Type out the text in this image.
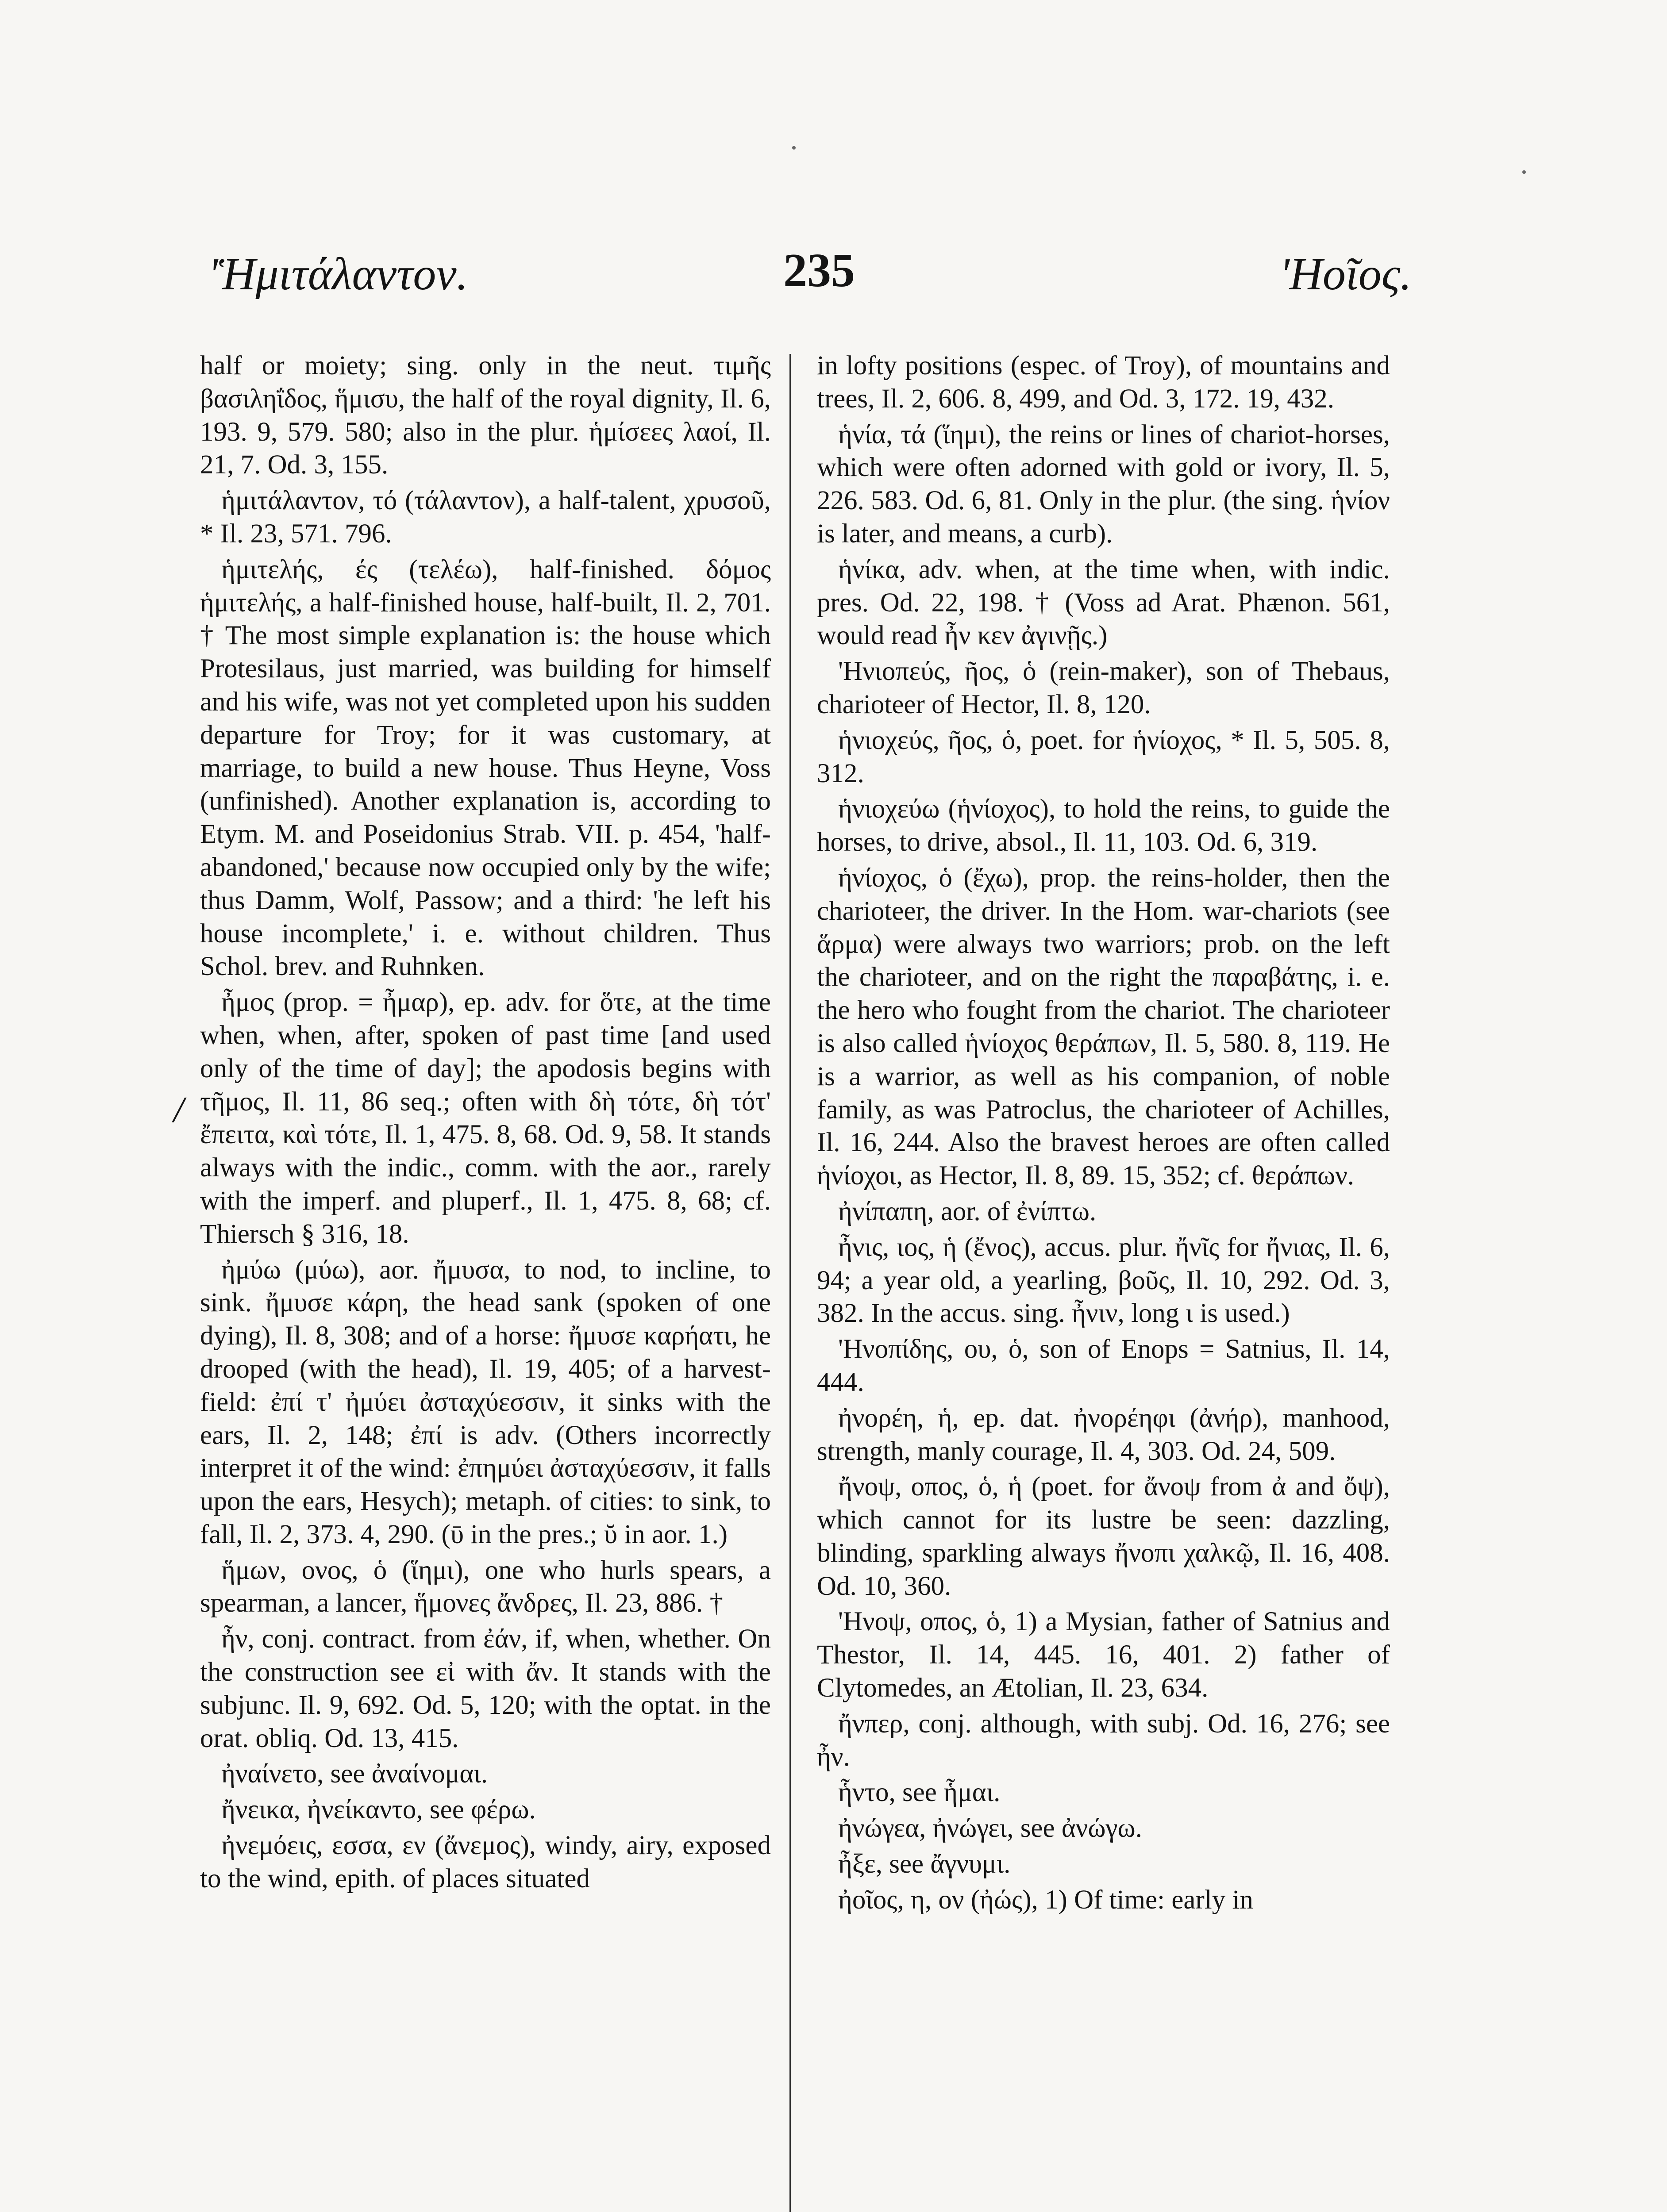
'Ἡμιτάλαντον.	235	'Ηοῖος.

half or moiety; sing. only in the neut. τιμῆς βασιληΐδος, ἥμισυ, the half of the royal dignity, Il. 6, 193. 9, 579. 580; also in the plur. ἡμίσεες λαοί, Il. 21, 7. Od. 3, 155.

ἡμιτάλαντον, τό (τάλαντον), a half-talent, χρυσοῦ, * Il. 23, 571. 796.

ἡμιτελής, ές (τελέω), half-finished. δόμος ἡμιτελής, a half-finished house, half-built, Il. 2, 701. † The most simple explanation is: the house which Protesilaus, just married, was building for himself and his wife, was not yet completed upon his sudden departure for Troy; for it was customary, at marriage, to build a new house. Thus Heyne, Voss (unfinished). Another explanation is, according to Etym. M. and Poseidonius Strab. VII. p. 454, 'half-abandoned,' because now occupied only by the wife; thus Damm, Wolf, Passow; and a third: 'he left his house incomplete,' i. e. without children. Thus Schol. brev. and Ruhnken.

ἦμος (prop. = ἦμαρ), ep. adv. for ὅτε, at the time when, when, after, spoken of past time [and used only of the time of day]; the apodosis begins with τῆμος, Il. 11, 86 seq.; often with δὴ τότε, δὴ τότ' ἔπειτα, καὶ τότε, Il. 1, 475. 8, 68. Od. 9, 58. It stands always with the indic., comm. with the aor., rarely with the imperf. and pluperf., Il. 1, 475. 8, 68; cf. Thiersch § 316, 18.

ἠμύω (μύω), aor. ἤμυσα, to nod, to incline, to sink. ἤμυσε κάρη, the head sank (spoken of one dying), Il. 8, 308; and of a horse: ἤμυσε καρήατι, he drooped (with the head), Il. 19, 405; of a harvest-field: ἐπί τ' ἠμύει ἀσταχύεσσιν, it sinks with the ears, Il. 2, 148; ἐπί is adv. (Others incorrectly interpret it of the wind: ἐπημύει ἀσταχύεσσιν, it falls upon the ears, Hesych); metaph. of cities: to sink, to fall, Il. 2, 373. 4, 290. (ῡ in the pres.; ῠ in aor. 1.)

ἥμων, ονος, ὁ (ἵημι), one who hurls spears, a spearman, a lancer, ἥμονες ἄνδρες, Il. 23, 886. †

ἦν, conj. contract. from ἐάν, if, when, whether. On the construction see εἰ with ἄν. It stands with the subjunc. Il. 9, 692. Od. 5, 120; with the optat. in the orat. obliq. Od. 13, 415.

ἠναίνετο, see ἀναίνομαι.

ἤνεικα, ἠνείκαντο, see φέρω.

ἠνεμόεις, εσσα, εν (ἄνεμος), windy, airy, exposed to the wind, epith. of places situated

in lofty positions (espec. of Troy), of mountains and trees, Il. 2, 606. 8, 499, and Od. 3, 172. 19, 432.

ἡνία, τά (ἵημι), the reins or lines of chariot-horses, which were often adorned with gold or ivory, Il. 5, 226. 583. Od. 6, 81. Only in the plur. (the sing. ἡνίον is later, and means, a curb).

ἡνίκα, adv. when, at the time when, with indic. pres. Od. 22, 198. † (Voss ad Arat. Phænon. 561, would read ἦν κεν ἀγινῇς.)

'Ηνιοπεύς, ῆος, ὁ (rein-maker), son of Thebaus, charioteer of Hector, Il. 8, 120.

ἡνιοχεύς, ῆος, ὁ, poet. for ἡνίοχος, * Il. 5, 505. 8, 312.

ἡνιοχεύω (ἡνίοχος), to hold the reins, to guide the horses, to drive, absol., Il. 11, 103. Od. 6, 319.

ἡνίοχος, ὁ (ἔχω), prop. the reins-holder, then the charioteer, the driver. In the Hom. war-chariots (see ἅρμα) were always two warriors; prob. on the left the charioteer, and on the right the παραβάτης, i. e. the hero who fought from the chariot. The charioteer is also called ἡνίοχος θεράπων, Il. 5, 580. 8, 119. He is a warrior, as well as his companion, of noble family, as was Patroclus, the charioteer of Achilles, Il. 16, 244. Also the bravest heroes are often called ἡνίοχοι, as Hector, Il. 8, 89. 15, 352; cf. θεράπων.

ἠνίπαπη, aor. of ἐνίπτω.

ἦνις, ιος, ἡ (ἔνος), accus. plur. ἤνῖς for ἤνιας, Il. 6, 94; a year old, a yearling, βοῦς, Il. 10, 292. Od. 3, 382. In the accus. sing. ἦνιν, long ι is used.)

'Ηνοπίδης, ου, ὁ, son of Enops = Satnius, Il. 14, 444.

ἠνορέη, ἡ, ep. dat. ἠνορέηφι (ἀνήρ), manhood, strength, manly courage, Il. 4, 303. Od. 24, 509.

ἤνοψ, οπος, ὁ, ἡ (poet. for ἄνοψ from ἀ and ὄψ), which cannot for its lustre be seen: dazzling, blinding, sparkling always ἤνοπι χαλκῷ, Il. 16, 408. Od. 10, 360.

'Ηνοψ, οπος, ὁ, 1) a Mysian, father of Satnius and Thestor, Il. 14, 445. 16, 401. 2) father of Clytomedes, an Ætolian, Il. 23, 634.

ἤνπερ, conj. although, with subj. Od. 16, 276; see ἦν.

ἧντο, see ἧμαι.

ἠνώγεα, ἠνώγει, see ἀνώγω.

ἦξε, see ἄγνυμι.

ἠοῖος, η, ον (ἠώς), 1) Of time: early in

/
